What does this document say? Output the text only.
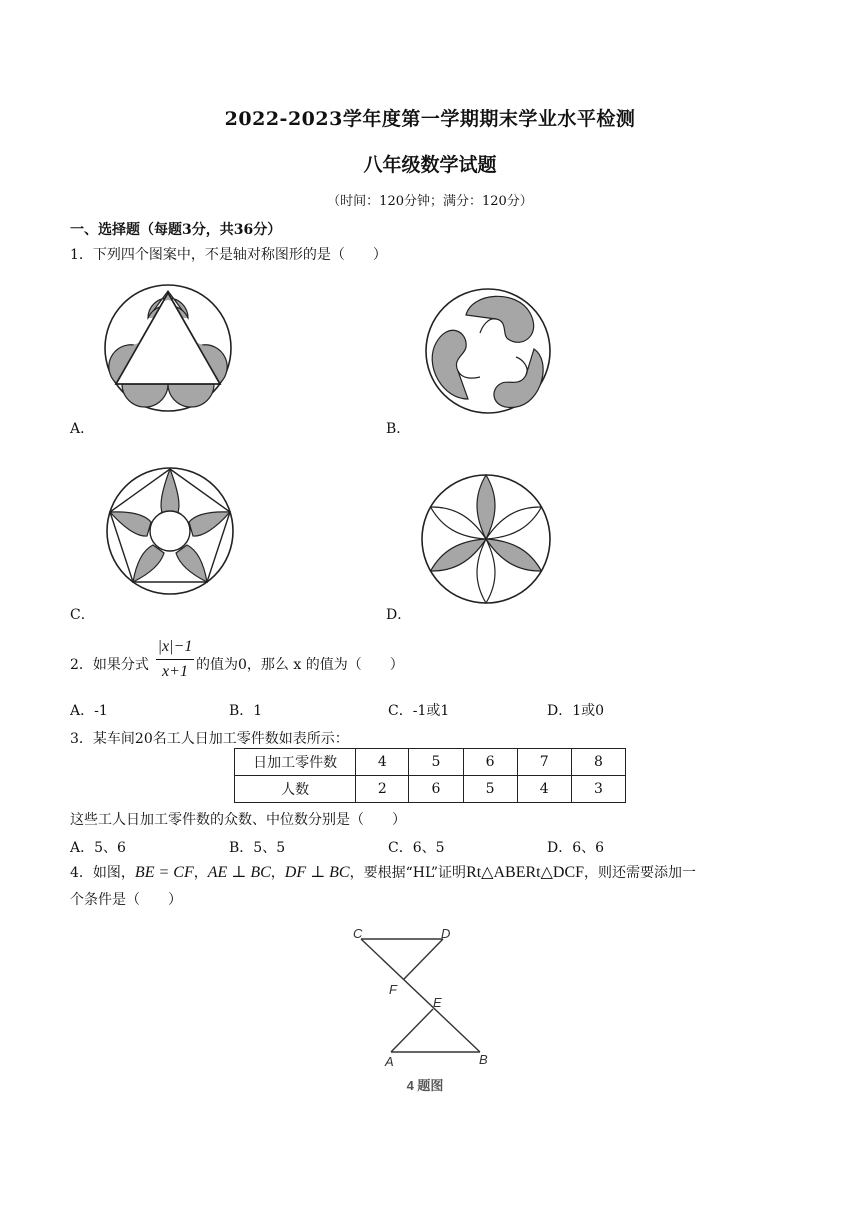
2022-2023学年度第一学期期末学业水平检测
八年级数学试题
（时间：120分钟；满分：120分）
一、选择题（每题3分，共36分）
1．下列四个图案中，不是轴对称图形的是（　　）
A．	B．
C．	D．
2．如果分式
|x|−1
x+1 的值为0，那么 x 的值为（　　）
A．-1	B．1	C．-1或1	D．1或0
3．某车间20名工人日加工零件数如表所示：
日加工零件数	4	5	6	7	8
人数	2	6	5	4	3
这些工人日加工零件数的众数、中位数分别是（　　）
A．5、6	B．5、5	C．6、5	D．6、6
4．如图，BE = CF，AE ⊥ BC，DF ⊥ BC，要根据“HL”证明Rt△ABERt△DCF，则还需要添加一
个条件是（　　）
C	D
F
E
A	B
4 题图
